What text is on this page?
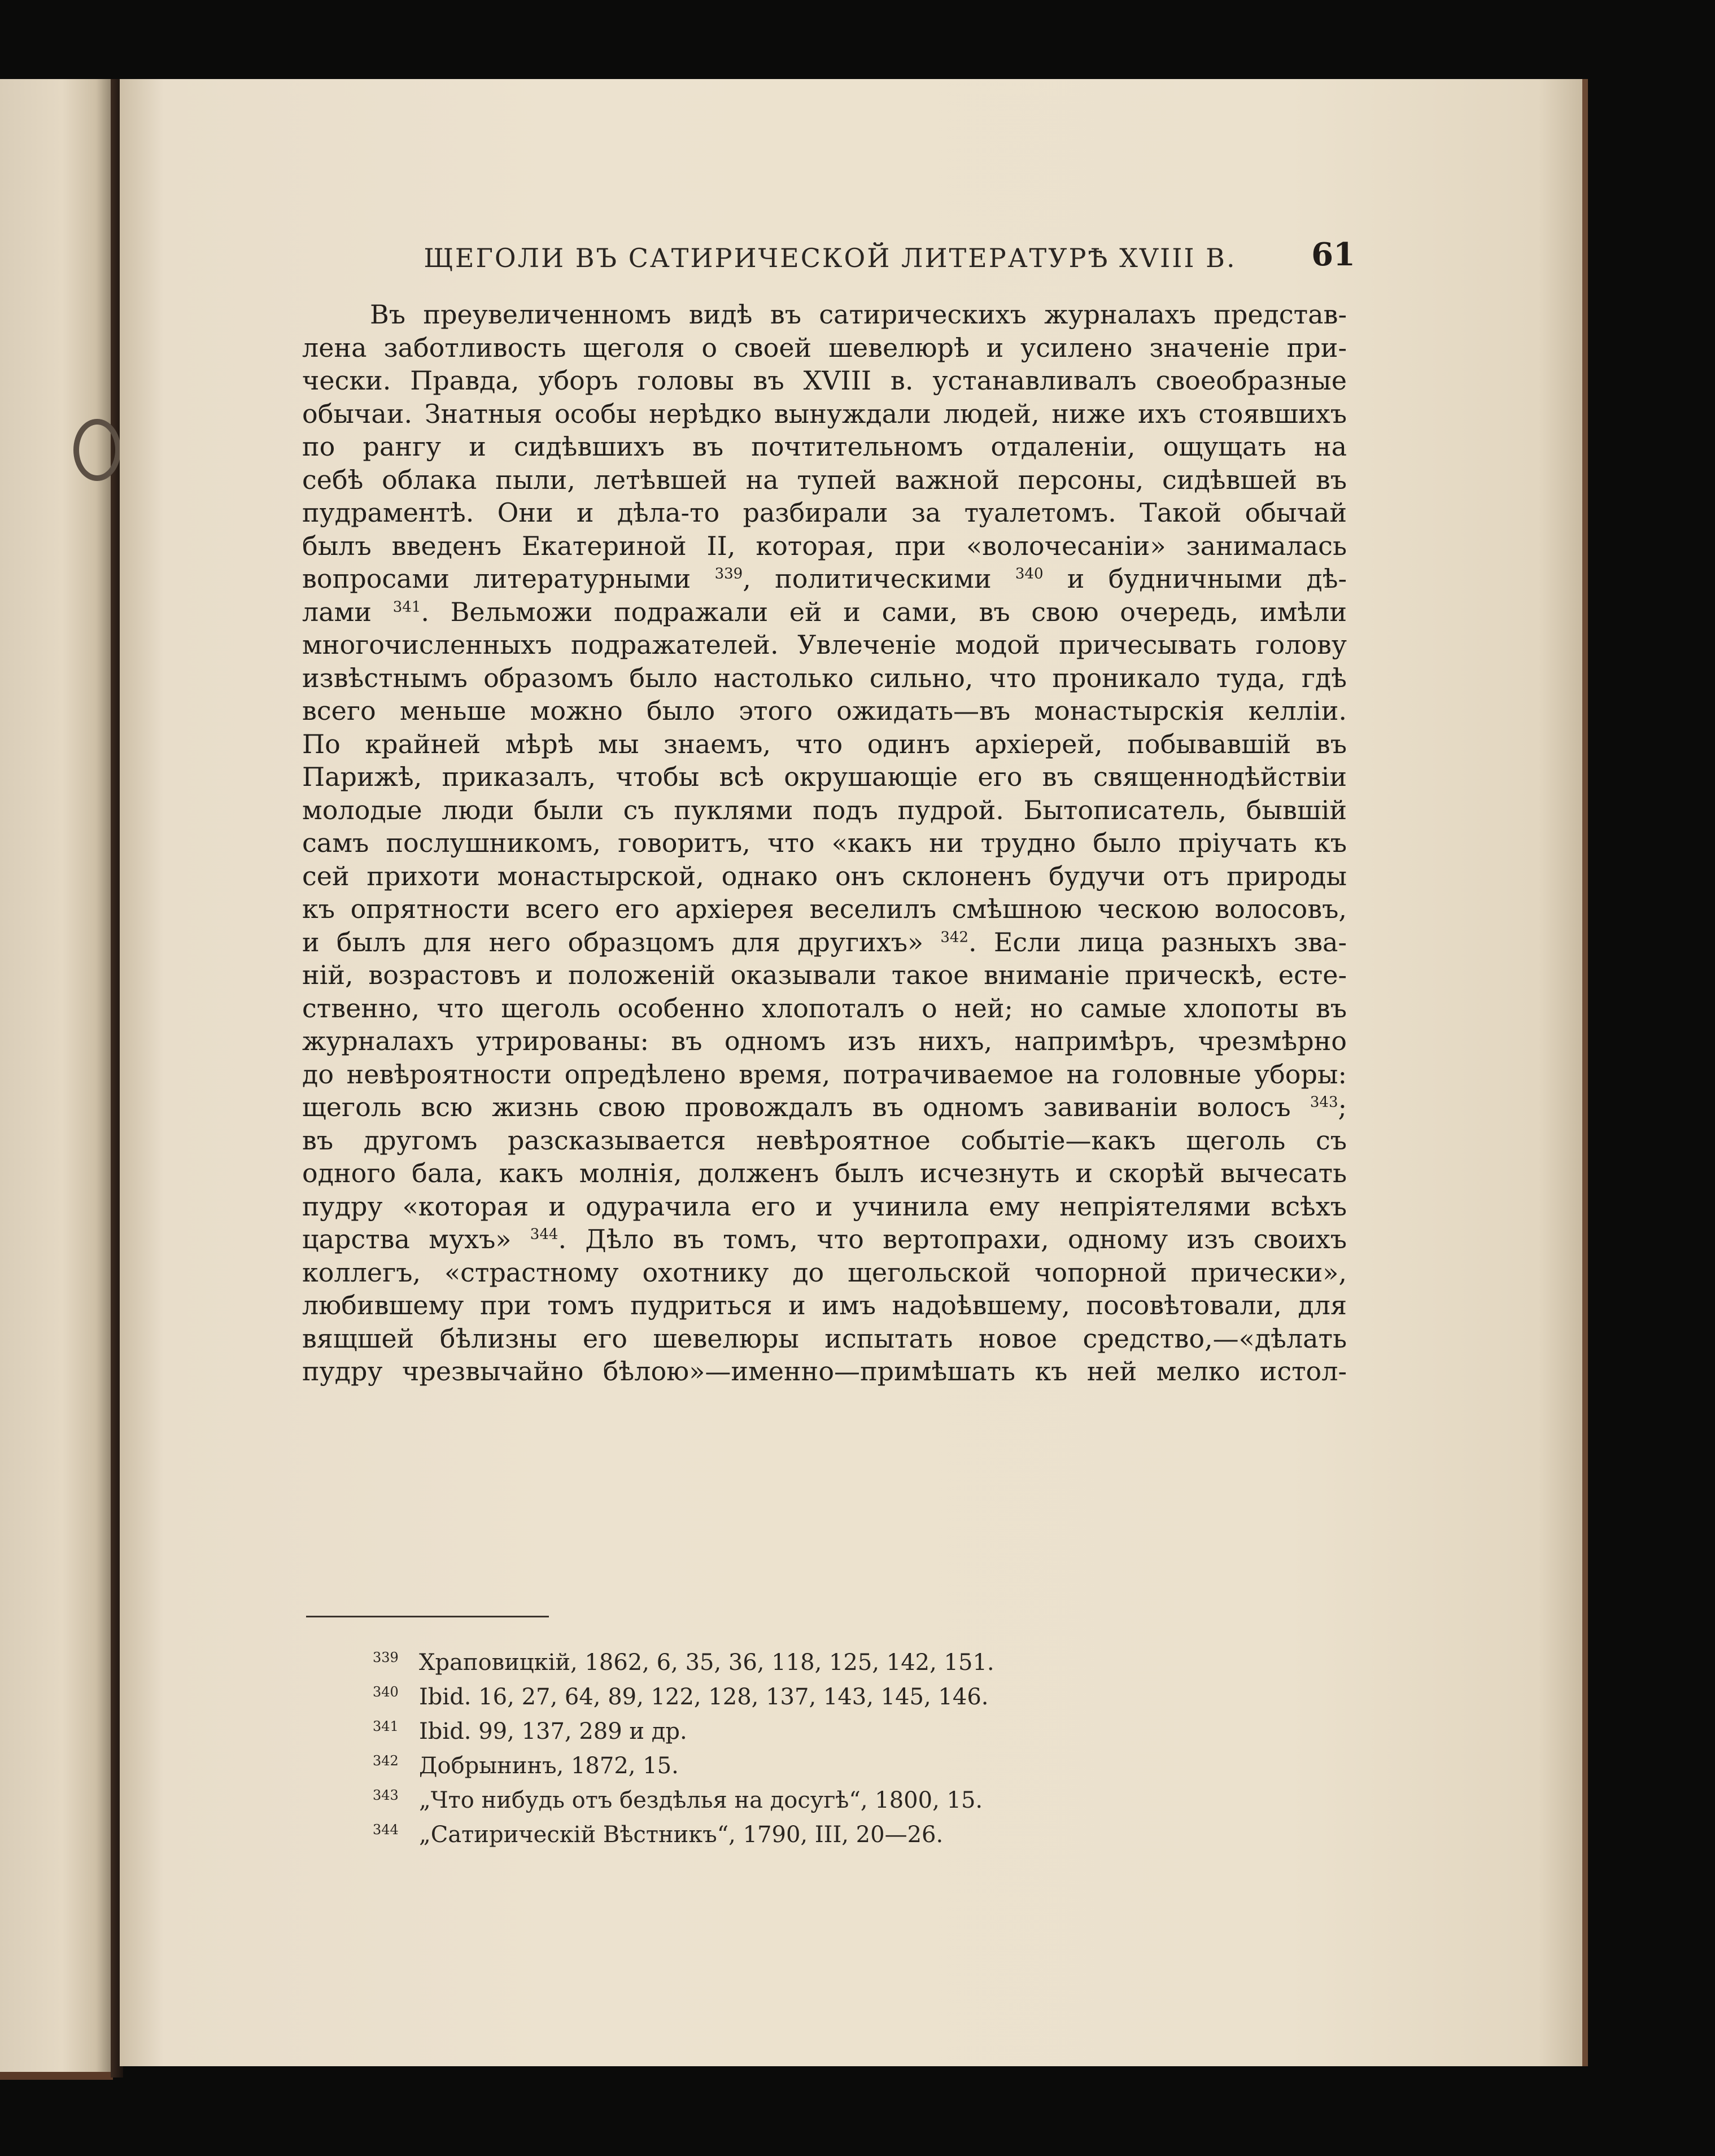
ЩЕГОЛИ ВЪ САТИРИЧЕСКОЙ ЛИТЕРАТУРѢ XVIII В.	61
Въ преувеличенномъ видѣ въ сатирическихъ журналахъ представ-
лена заботливость щеголя о своей шевелюрѣ и усилено значенiе при-
чески. Правда, уборъ головы въ XVIII в. устанавливалъ своеобразные
обычаи. Знатныя особы нерѣдко вынуждали людей, ниже ихъ стоявшихъ
по рангу и сидѣвшихъ въ почтительномъ отдаленiи, ощущать на
себѣ облака пыли, летѣвшей на тупей важной персоны, сидѣвшей въ
пудраментѣ. Они и дѣла-то разбирали за туалетомъ. Такой обычай
былъ введенъ Екатериной II, которая, при «волочесанiи» занималась
вопросами литературными $^{339}$, политическими $^{340}$ и будничными дѣ-
лами $^{341}$. Вельможи подражали ей и сами, въ свою очередь, имѣли
многочисленныхъ подражателей. Увлеченiе модой причесывать голову
извѣстнымъ образомъ было настолько сильно, что проникало туда, гдѣ
всего меньше можно было этого ожидать—въ монастырскiя келлiи.
По крайней мѣрѣ мы знаемъ, что одинъ архiерей, побывавшiй въ
Парижѣ, приказалъ, чтобы всѣ окрушающiе его въ священнодѣйствiи
молодые люди были съ пуклями подъ пудрой. Бытописатель, бывшiй
самъ послушникомъ, говоритъ, что «какъ ни трудно было прiучать къ
сей прихоти монастырской, однако онъ склоненъ будучи отъ природы
къ опрятности всего его архiерея веселилъ смѣшною ческою волосовъ,
и былъ для него образцомъ для другихъ» $^{342}$. Если лица разныхъ зва-
нiй, возрастовъ и положенiй оказывали такое вниманiе прическѣ, есте-
ственно, что щеголь особенно хлопоталъ о ней; но самые хлопоты въ
журналахъ утрированы: въ одномъ изъ нихъ, напримѣръ, чрезмѣрно
до невѣроятности опредѣлено время, потрачиваемое на головные уборы:
щеголь всю жизнь свою провождалъ въ одномъ завиванiи волосъ $^{343}$;
въ другомъ разсказывается невѣроятное событiе—какъ щеголь съ
одного бала, какъ молнiя, долженъ былъ исчезнуть и скорѣй вычесать
пудру «которая и одурачила его и учинила ему непрiятелями всѣхъ
царства мухъ» $^{344}$. Дѣло въ томъ, что вертопрахи, одному изъ своихъ
коллегъ, «страстному охотнику до щегольской чопорной прически»,
любившему при томъ пудриться и имъ надоѣвшему, посовѣтовали, для
вящшей бѣлизны его шевелюры испытать новое средство,—«дѣлать
пудру чрезвычайно бѣлою»—именно—примѣшать къ ней мелко истол-
339 Храповицкiй, 1862, 6, 35, 36, 118, 125, 142, 151.
340 Ibid. 16, 27, 64, 89, 122, 128, 137, 143, 145, 146.
341 Ibid. 99, 137, 289 и др.
342 Добрынинъ, 1872, 15.
343 „Что нибудь отъ бездѣлья на досугѣ“, 1800, 15.
344 „Сатирическiй Вѣстникъ“, 1790, III, 20—26.
